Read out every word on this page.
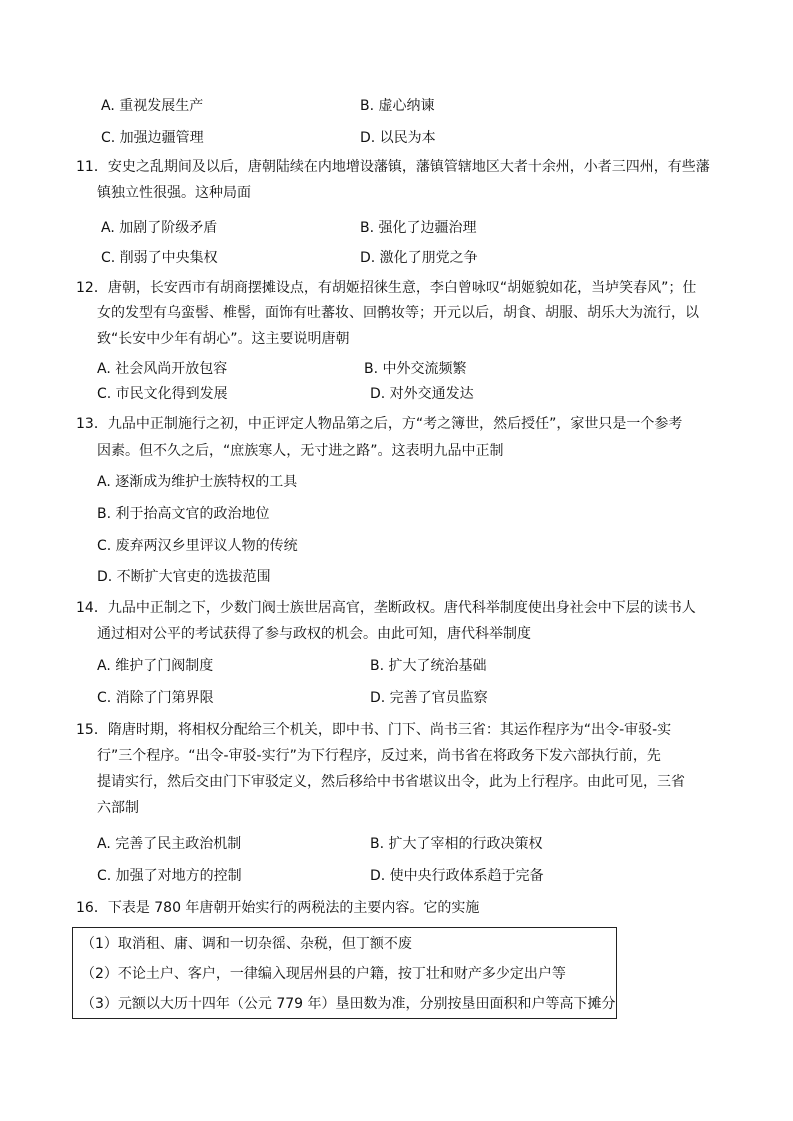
A. 重视发展生产	B. 虚心纳谏
C. 加强边疆管理	D. 以民为本
11．安史之乱期间及以后，唐朝陆续在内地增设藩镇，藩镇管辖地区大者十余州，小者三四州，有些藩
镇独立性很强。这种局面
A. 加剧了阶级矛盾	B. 强化了边疆治理
C. 削弱了中央集权	D. 激化了朋党之争
12．唐朝，长安西市有胡商摆摊设点，有胡姬招徕生意，李白曾咏叹“胡姬貌如花，当垆笑春风”；仕
女的发型有乌蛮髻、椎髻，面饰有吐蕃妆、回鹘妆等；开元以后，胡食、胡服、胡乐大为流行，以
致“长安中少年有胡心”。这主要说明唐朝
A. 社会风尚开放包容	B. 中外交流频繁
C. 市民文化得到发展	D. 对外交通发达
13．九品中正制施行之初，中正评定人物品第之后，方“考之簿世，然后授任”，家世只是一个参考
因素。但不久之后，“庶族寒人，无寸进之路”。这表明九品中正制
A. 逐渐成为维护士族特权的工具
B. 利于抬高文官的政治地位
C. 废弃两汉乡里评议人物的传统
D. 不断扩大官吏的选拔范围
14．九品中正制之下，少数门阀士族世居高官，垄断政权。唐代科举制度使出身社会中下层的读书人
通过相对公平的考试获得了参与政权的机会。由此可知，唐代科举制度
A. 维护了门阀制度	B. 扩大了统治基础
C. 消除了门第界限	D. 完善了官员监察
15．隋唐时期，将相权分配给三个机关，即中书、门下、尚书三省：其运作程序为“出令-审驳-实
行”三个程序。“出令-审驳-实行”为下行程序，反过来，尚书省在将政务下发六部执行前，先
提请实行，然后交由门下审驳定义，然后移给中书省堪议出令，此为上行程序。由此可见，三省
六部制
A. 完善了民主政治机制	B. 扩大了宰相的行政决策权
C. 加强了对地方的控制	D. 使中央行政体系趋于完备
16．下表是 780 年唐朝开始实行的两税法的主要内容。它的实施
（1）取消租、庸、调和一切杂徭、杂税，但丁额不废
（2）不论土户、客户，一律编入现居州县的户籍，按丁壮和财产多少定出户等
（3）元额以大历十四年（公元 779 年）垦田数为准，分别按垦田面积和户等高下摊分
